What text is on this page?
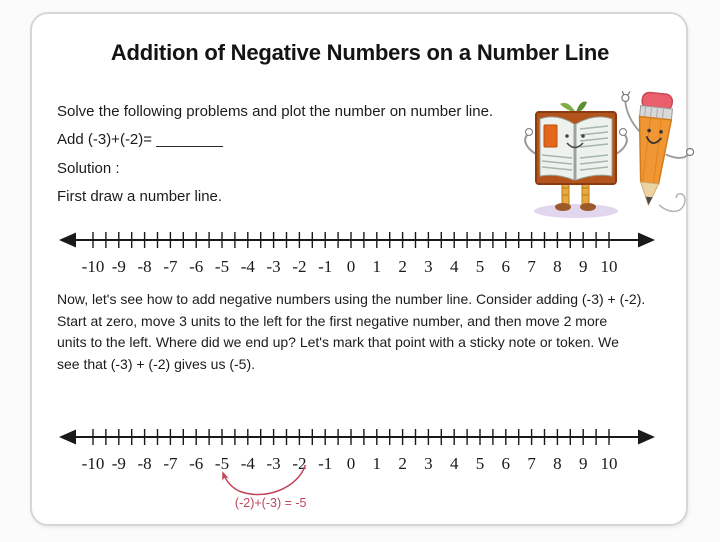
Addition of Negative Numbers on a Number Line
Solve the following problems and plot the number on number line.
Add (-3)+(-2)= ________
Solution :
First draw a number line.
-10 -9 -8 -7 -6 -5 -4 -3 -2 -1 0 1 2 3 4 5 6 7 8 9 10
Now, let's see how to add negative numbers using the number line. Consider adding (-3) + (-2).
Start at zero, move 3 units to the left for the first negative number, and then move 2 more
units to the left. Where did we end up? Let's mark that point with a sticky note or token. We
see that (-3) + (-2) gives us (-5).
-10 -9 -8 -7 -6 -5 -4 -3 -2 -1 0 1 2 3 4 5 6 7 8 9 10
(-2)+(-3) = -5
